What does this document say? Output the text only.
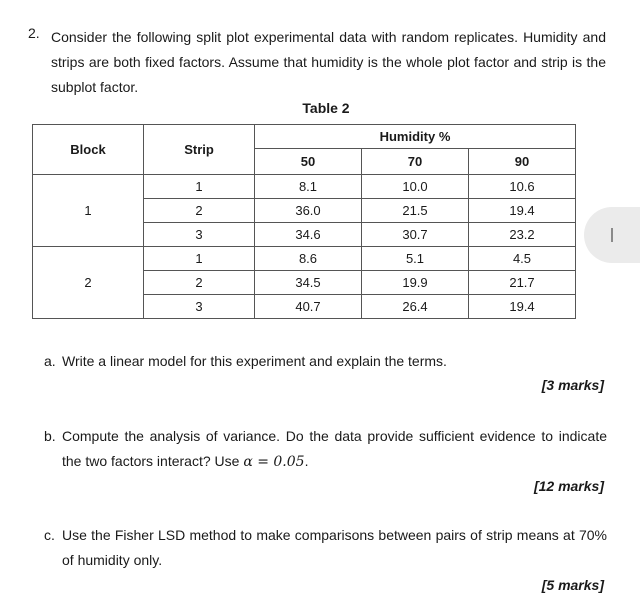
2. Consider the following split plot experimental data with random replicates. Humidity and strips are both fixed factors. Assume that humidity is the whole plot factor and strip is the subplot factor.
Table 2
Block	Strip	Humidity %		
		50	70	90
1	1	8.1	10.0	10.6
	2	36.0	21.5	19.4
	3	34.6	30.7	23.2
2	1	8.6	5.1	4.5
	2	34.5	19.9	21.7
	3	40.7	26.4	19.4
a. Write a linear model for this experiment and explain the terms.
[3 marks]
b. Compute the analysis of variance. Do the data provide sufficient evidence to indicate the two factors interact? Use α = 0.05.
[12 marks]
c. Use the Fisher LSD method to make comparisons between pairs of strip means at 70% of humidity only.
[5 marks]
